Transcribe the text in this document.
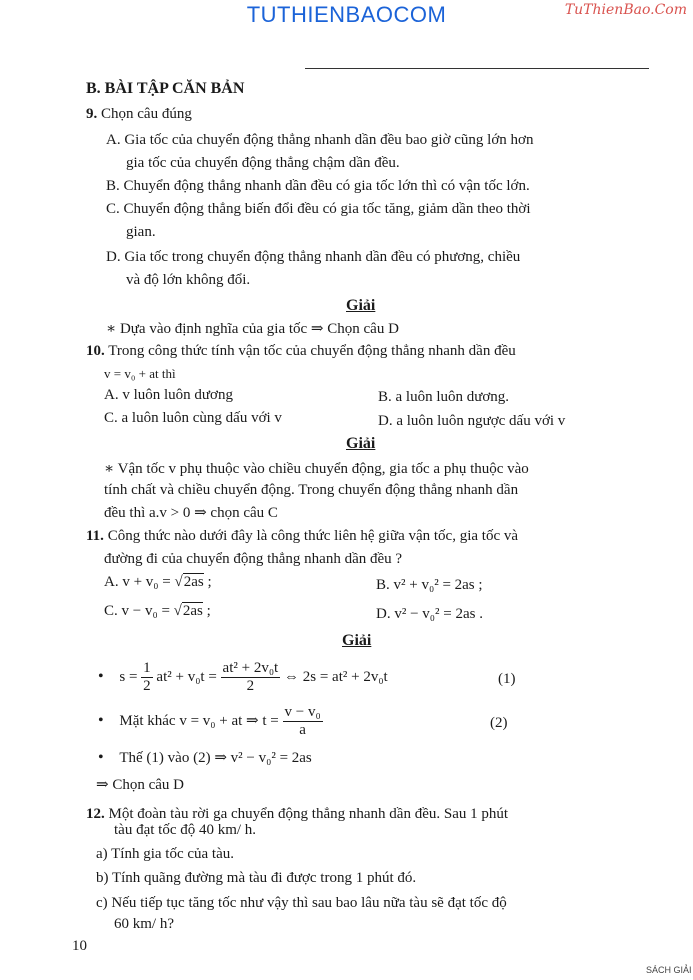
TUTHIENBAOCOM	TuThienBao.Com
B. BÀI TẬP CĂN BẢN
9. Chọn câu đúng
A. Gia tốc của chuyển động thẳng nhanh dần đều bao giờ cũng lớn hơn
gia tốc của chuyển động thẳng chậm dần đều.
B. Chuyển động thẳng nhanh dần đều có gia tốc lớn thì có vận tốc lớn.
C. Chuyển động thẳng biến đổi đều có gia tốc tăng, giảm dần theo thời
gian.
D. Gia tốc trong chuyển động thẳng nhanh dần đều có phương, chiều
và độ lớn không đổi.
Giải
∗ Dựa vào định nghĩa của gia tốc ⇒ Chọn câu D
10. Trong công thức tính vận tốc của chuyển động thẳng nhanh dần đều
v = v₀ + at thì
A. v luôn luôn dương	B. a luôn luôn dương.
C. a luôn luôn cùng dấu với v	D. a luôn luôn ngược dấu với v
Giải
∗ Vận tốc v phụ thuộc vào chiều chuyển động, gia tốc a phụ thuộc vào
tính chất và chiều chuyển động. Trong chuyển động thẳng nhanh dần
đều thì a.v > 0 ⇒ chọn câu C
11. Công thức nào dưới đây là công thức liên hệ giữa vận tốc, gia tốc và
đường đi của chuyển động thẳng nhanh dần đều ?
A. v + v₀ = √2as ;	B. v² + v₀² = 2as ;
C. v − v₀ = √2as ;	D. v² − v₀² = 2as .
Giải
• $s = \frac{1}{2} at^2 + v_0t = \frac{\text{at² + 2v₀t}}{2}$ ⇔ 2s = at² + 2v₀t	(1)
• Mặt khác v = v₀ + at ⇒ $t = \frac{\text{v − v₀}}{a}$	(2)
• Thế (1) vào (2) ⇒ v² − v₀² = 2as
⇒ Chọn câu D
12. Một đoàn tàu rời ga chuyển động thẳng nhanh dần đều. Sau 1 phút
tàu đạt tốc độ 40 km/ h.
a) Tính gia tốc của tàu.
b) Tính quãng đường mà tàu đi được trong 1 phút đó.
c) Nếu tiếp tục tăng tốc như vậy thì sau bao lâu nữa tàu sẽ đạt tốc độ
60 km/ h?
10
SÁCH GIẢI
